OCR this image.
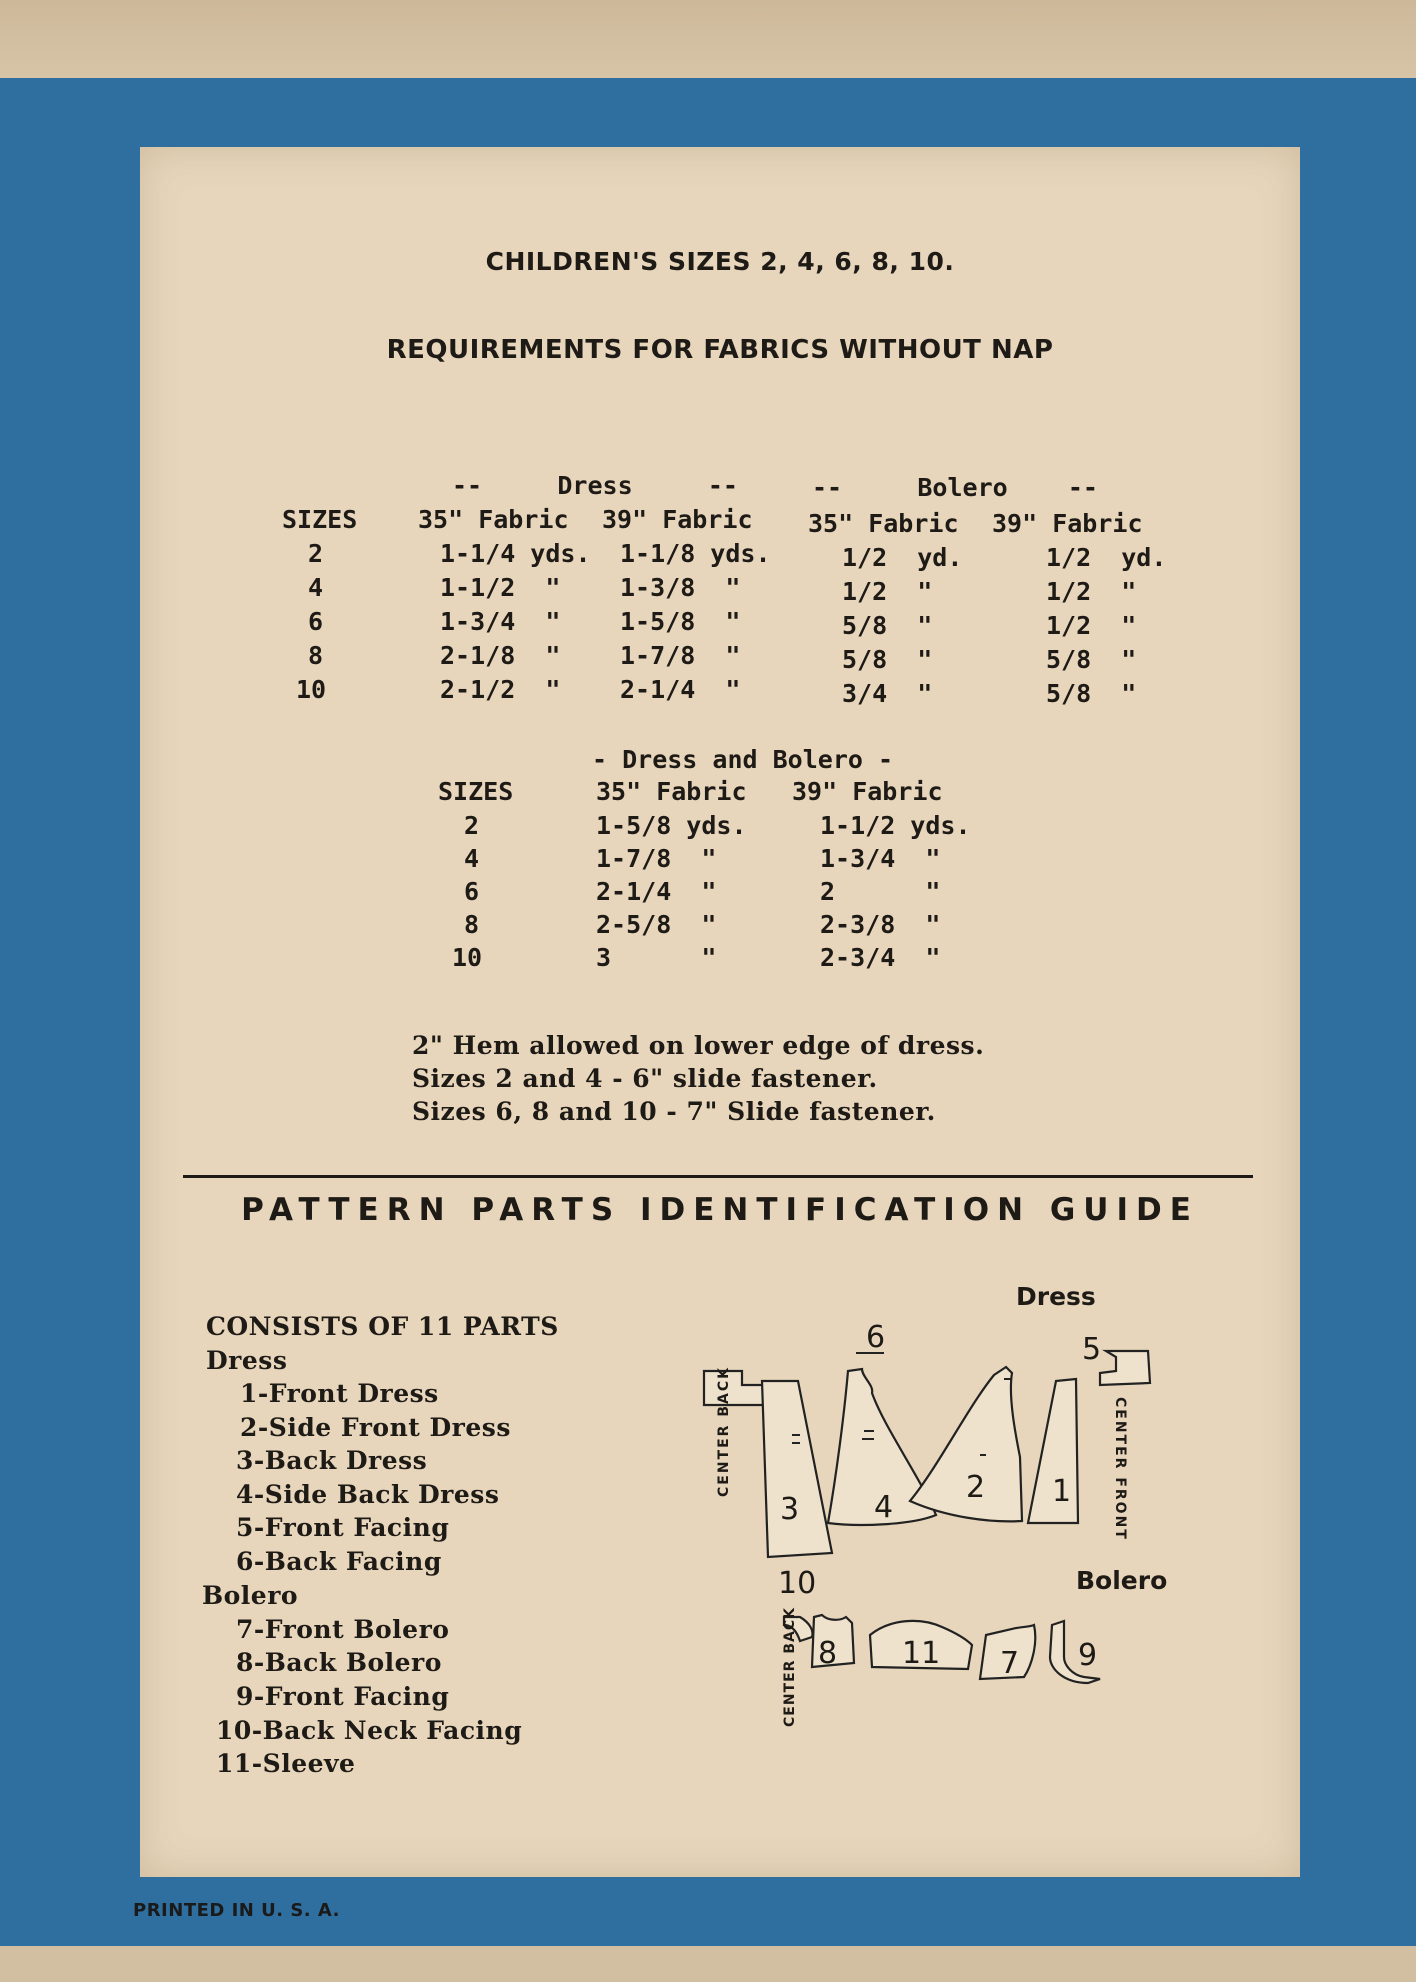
CHILDREN'S SIZES 2, 4, 6, 8, 10.
REQUIREMENTS FOR FABRICS WITHOUT NAP
--     Dress     --	--     Bolero    --
SIZES 35" Fabric 39" Fabric 35" Fabric 39" Fabric
2	1-1/4 yds. 1-1/8 yds.	1/2  yd.	1/2  yd.
4	1-1/2  " 1-3/8  "	1/2  "	1/2  "
6	1-3/4  " 1-5/8  "	5/8  "	1/2  "
8	2-1/8  " 1-7/8  "	5/8  "	5/8  "
10	2-1/2  " 2-1/4  "	3/4  "	5/8  "
- Dress and Bolero -
SIZES	35" Fabric 39" Fabric
2	1-5/8 yds.	1-1/2 yds.
4	1-7/8  "	1-3/4  "
6	2-1/4  "	2      "
8	2-5/8  "	2-3/8  "
10	3      "	2-3/4  "
2" Hem allowed on lower edge of dress.
Sizes 2 and 4 - 6" slide fastener.
Sizes 6, 8 and 10 - 7" Slide fastener.
PATTERN PARTS IDENTIFICATION GUIDE
CONSISTS OF 11 PARTS
Dress
1-Front Dress
2-Side Front Dress
3-Back Dress
4-Side Back Dress
5-Front Facing
6-Back Facing
Bolero
7-Front Bolero
8-Back Bolero
9-Front Facing
10-Back Neck Facing
11-Sleeve
Dress
6
CENTER BACK
3 4
2 1
5
CENTER FRONT
Bolero
10
CENTER BACK 8 11 7 9
PRINTED IN U. S. A.
